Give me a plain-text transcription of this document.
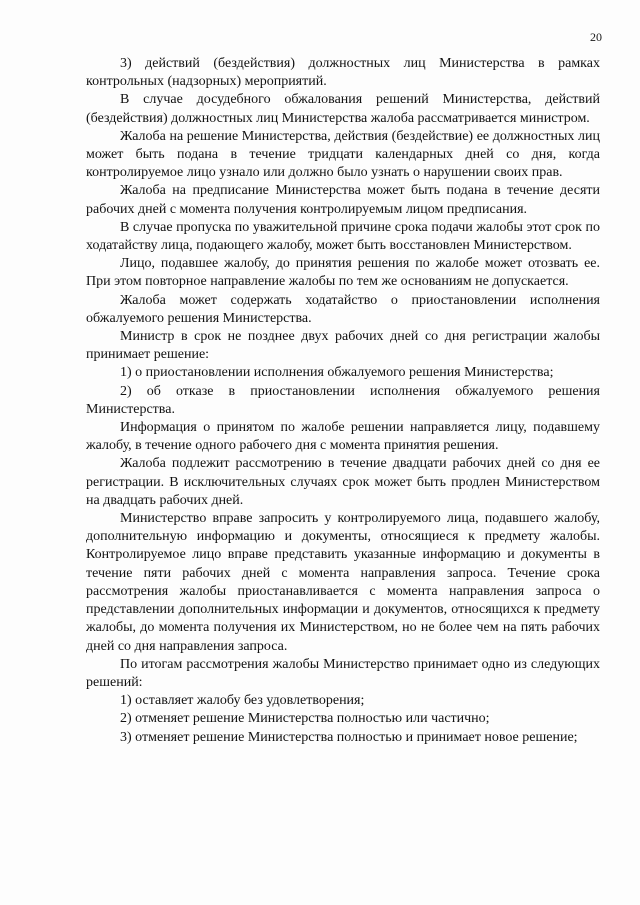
20

3) действий (бездействия) должностных лиц Министерства в рамках контрольных (надзорных) мероприятий.

В случае досудебного обжалования решений Министерства, действий (бездействия) должностных лиц Министерства жалоба рассматривается министром.

Жалоба на решение Министерства, действия (бездействие) ее должностных лиц может быть подана в течение тридцати календарных дней со дня, когда контролируемое лицо узнало или должно было узнать о нарушении своих прав.

Жалоба на предписание Министерства может быть подана в течение десяти рабочих дней с момента получения контролируемым лицом предписания.

В случае пропуска по уважительной причине срока подачи жалобы этот срок по ходатайству лица, подающего жалобу, может быть восстановлен Министерством.

Лицо, подавшее жалобу, до принятия решения по жалобе может отозвать ее. При этом повторное направление жалобы по тем же основаниям не допускается.

Жалоба может содержать ходатайство о приостановлении исполнения обжалуемого решения Министерства.

Министр в срок не позднее двух рабочих дней со дня регистрации жалобы принимает решение:

1) о приостановлении исполнения обжалуемого решения Министерства;

2) об отказе в приостановлении исполнения обжалуемого решения Министерства.

Информация о принятом по жалобе решении направляется лицу, подавшему жалобу, в течение одного рабочего дня с момента принятия решения.

Жалоба подлежит рассмотрению в течение двадцати рабочих дней со дня ее регистрации. В исключительных случаях срок может быть продлен Министерством на двадцать рабочих дней.

Министерство вправе запросить у контролируемого лица, подавшего жалобу, дополнительную информацию и документы, относящиеся к предмету жалобы. Контролируемое лицо вправе представить указанные информацию и документы в течение пяти рабочих дней с момента направления запроса. Течение срока рассмотрения жалобы приостанавливается с момента направления запроса о представлении дополнительных информации и документов, относящихся к предмету жалобы, до момента получения их Министерством, но не более чем на пять рабочих дней со дня направления запроса.

По итогам рассмотрения жалобы Министерство принимает одно из следующих решений:

1) оставляет жалобу без удовлетворения;

2) отменяет решение Министерства полностью или частично;

3) отменяет решение Министерства полностью и принимает новое решение;
